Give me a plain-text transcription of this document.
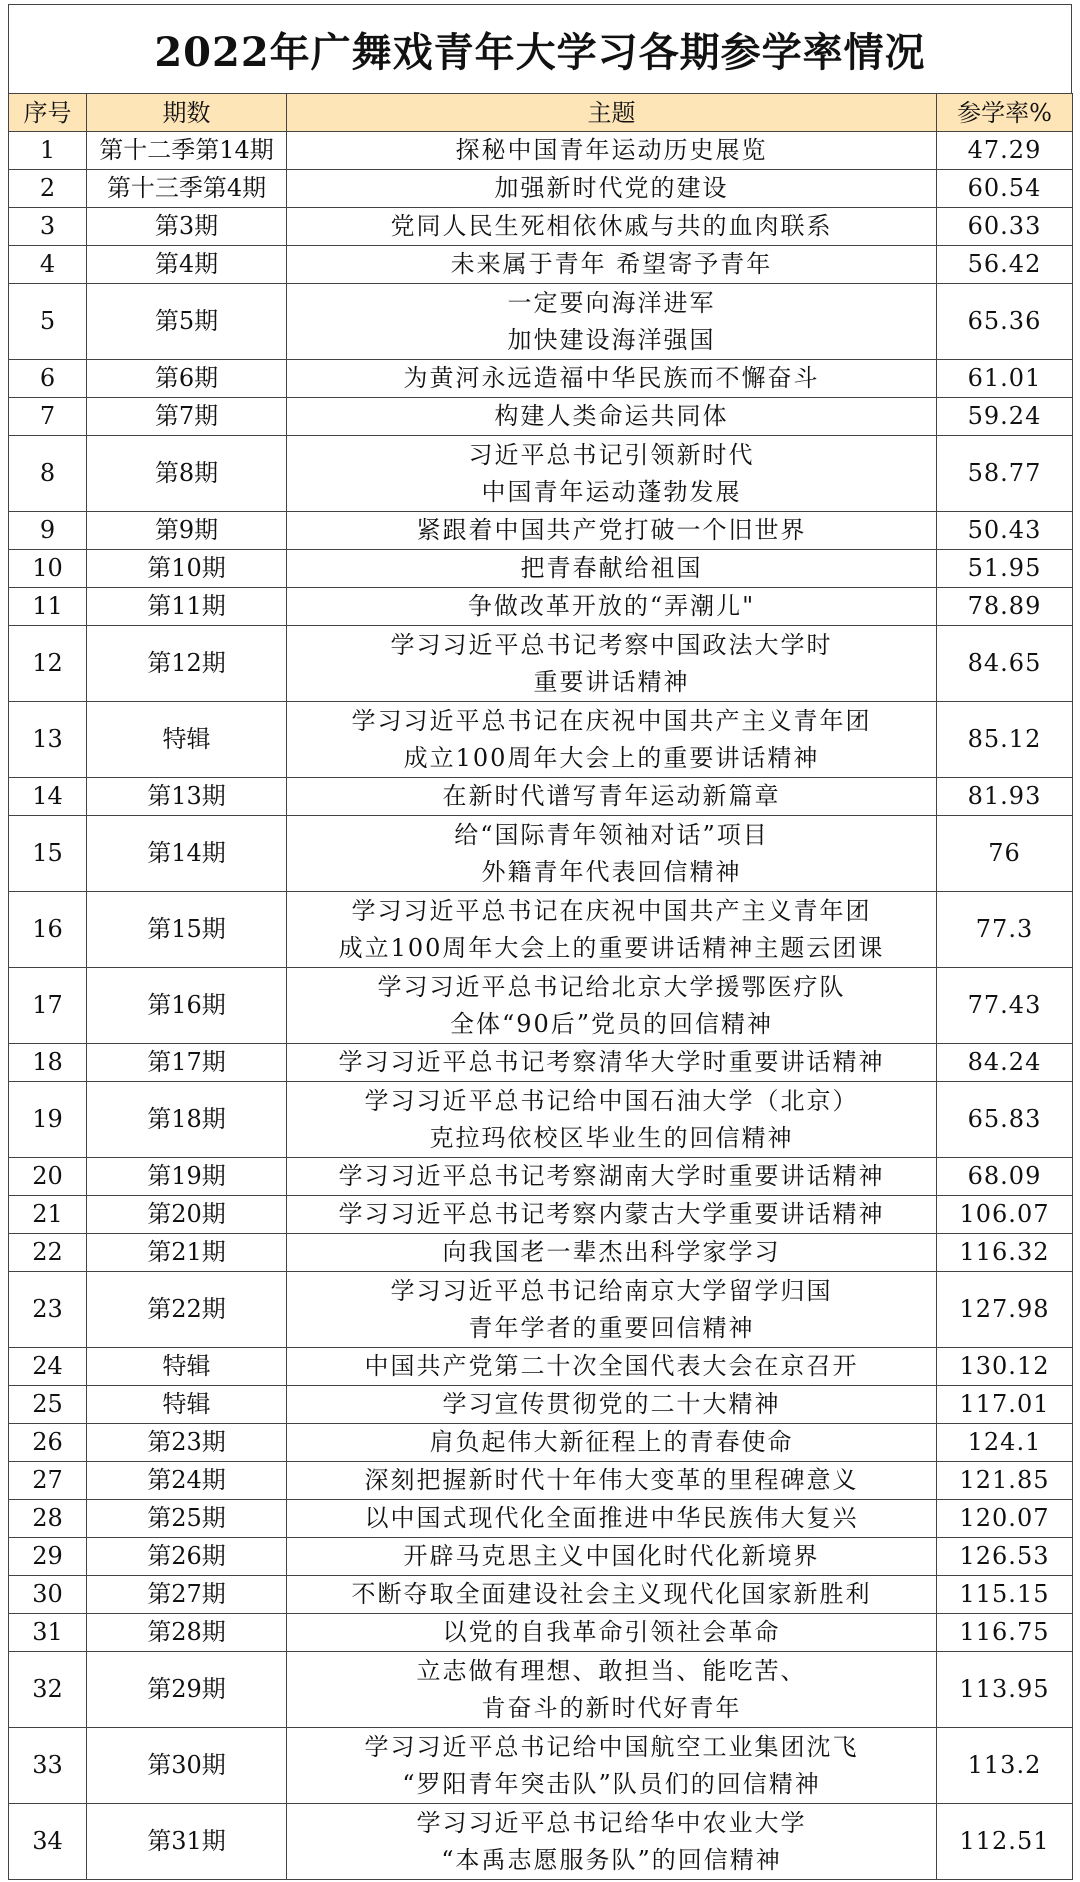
2022年广舞戏青年大学习各期参学率情况
序号	期数	主题	参学率%
1	第十二季第14期	探秘中国青年运动历史展览	47.29
2	第十三季第4期	加强新时代党的建设	60.54
3	第3期	党同人民生死相依休戚与共的血肉联系	60.33
4	第4期	未来属于青年 希望寄予青年	56.42
5	第5期	一定要向海洋进军
加快建设海洋强国	65.36
6	第6期	为黄河永远造福中华民族而不懈奋斗	61.01
7	第7期	构建人类命运共同体	59.24
8	第8期	习近平总书记引领新时代
中国青年运动蓬勃发展	58.77
9	第9期	紧跟着中国共产党打破一个旧世界	50.43
10	第10期	把青春献给祖国	51.95
11	第11期	争做改革开放的“弄潮儿"	78.89
12	第12期	学习习近平总书记考察中国政法大学时
重要讲话精神	84.65
13	特辑	学习习近平总书记在庆祝中国共产主义青年团
成立100周年大会上的重要讲话精神	85.12
14	第13期	在新时代谱写青年运动新篇章	81.93
15	第14期	给“国际青年领袖对话”项目
外籍青年代表回信精神	76
16	第15期	学习习近平总书记在庆祝中国共产主义青年团
成立100周年大会上的重要讲话精神主题云团课	77.3
17	第16期	学习习近平总书记给北京大学援鄂医疗队
全体“90后”党员的回信精神	77.43
18	第17期	学习习近平总书记考察清华大学时重要讲话精神	84.24
19	第18期	学习习近平总书记给中国石油大学（北京）
克拉玛依校区毕业生的回信精神	65.83
20	第19期	学习习近平总书记考察湖南大学时重要讲话精神	68.09
21	第20期	学习习近平总书记考察内蒙古大学重要讲话精神	106.07
22	第21期	向我国老一辈杰出科学家学习	116.32
23	第22期	学习习近平总书记给南京大学留学归国
青年学者的重要回信精神	127.98
24	特辑	中国共产党第二十次全国代表大会在京召开	130.12
25	特辑	学习宣传贯彻党的二十大精神	117.01
26	第23期	肩负起伟大新征程上的青春使命	124.1
27	第24期	深刻把握新时代十年伟大变革的里程碑意义	121.85
28	第25期	以中国式现代化全面推进中华民族伟大复兴	120.07
29	第26期	开辟马克思主义中国化时代化新境界	126.53
30	第27期	不断夺取全面建设社会主义现代化国家新胜利	115.15
31	第28期	以党的自我革命引领社会革命	116.75
32	第29期	立志做有理想、敢担当、能吃苦、
肯奋斗的新时代好青年	113.95
33	第30期	学习习近平总书记给中国航空工业集团沈飞
“罗阳青年突击队”队员们的回信精神	113.2
34	第31期	学习习近平总书记给华中农业大学
“本禹志愿服务队”的回信精神	112.51
